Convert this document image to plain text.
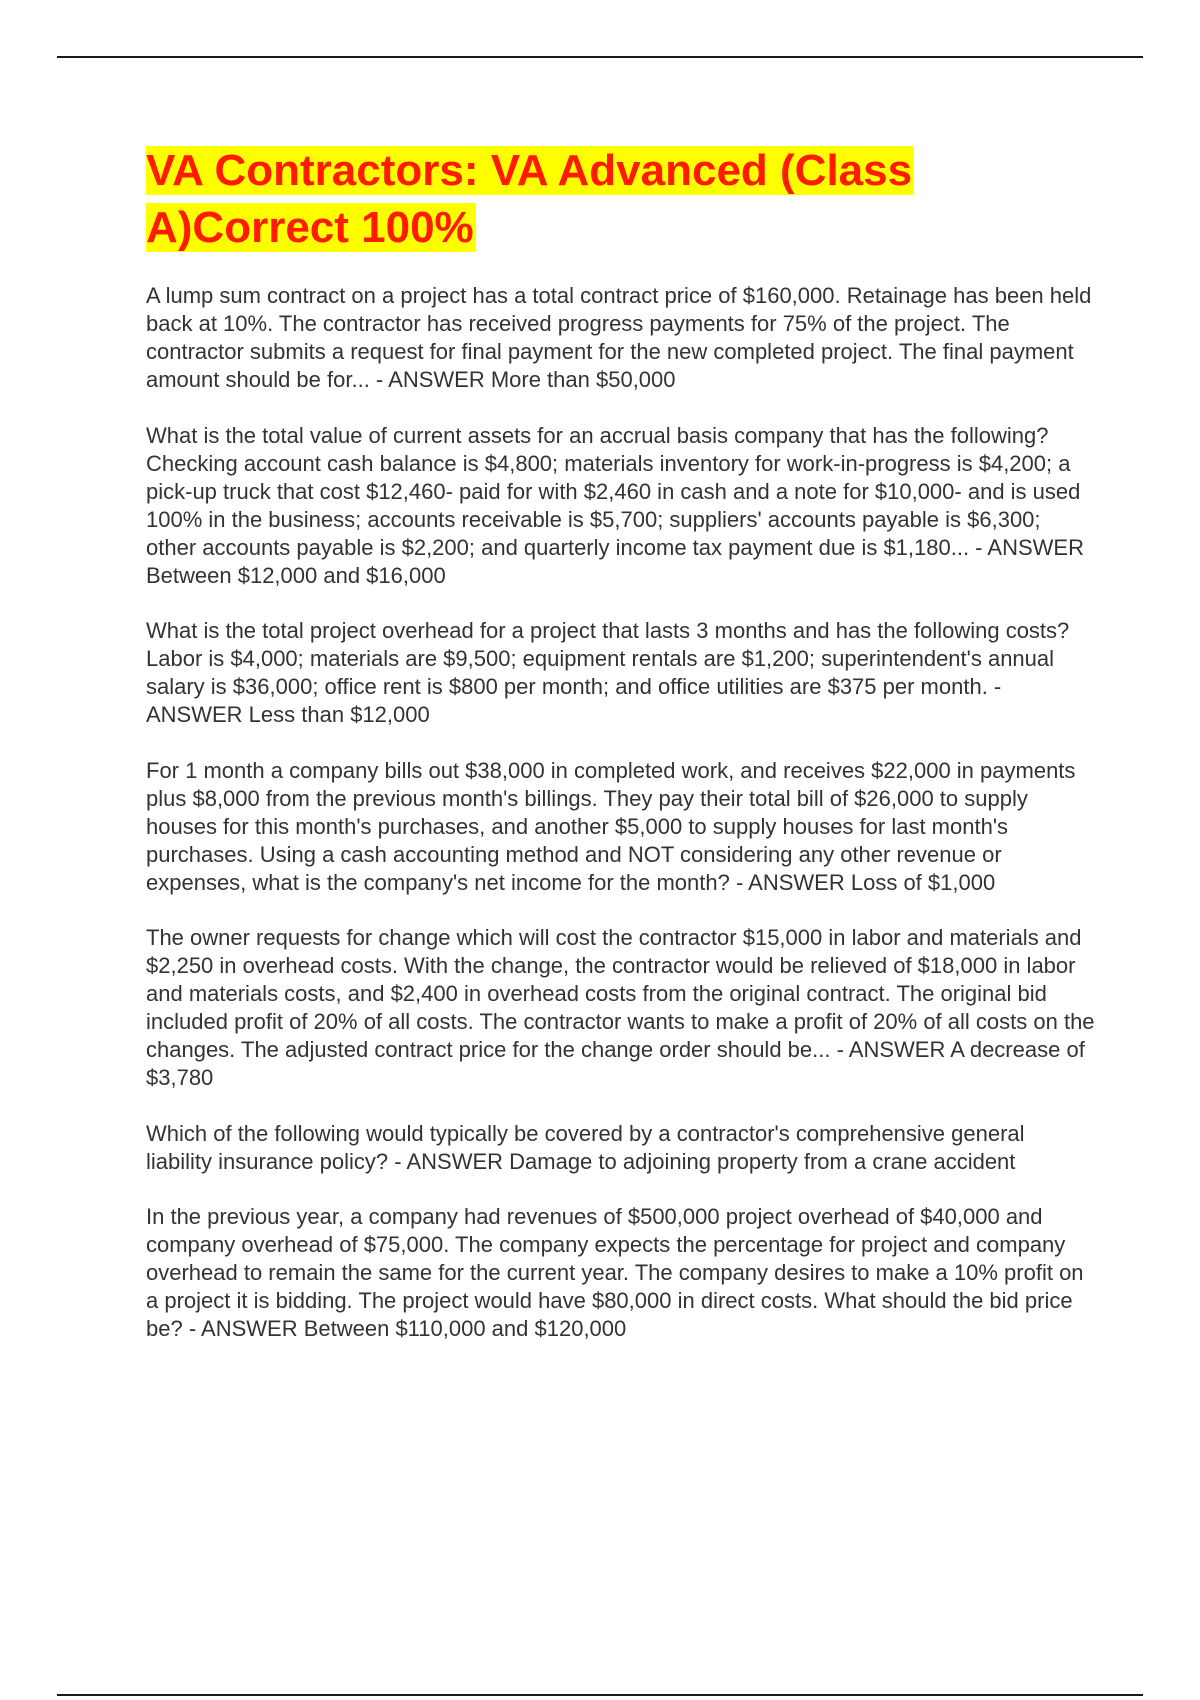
VA Contractors: VA Advanced (Class A)Correct 100%

A lump sum contract on a project has a total contract price of $160,000. Retainage has been held back at 10%. The contractor has received progress payments for 75% of the project. The contractor submits a request for final payment for the new completed project. The final payment amount should be for... - ANSWER More than $50,000

What is the total value of current assets for an accrual basis company that has the following? Checking account cash balance is $4,800; materials inventory for work-in-progress is $4,200; a pick-up truck that cost $12,460- paid for with $2,460 in cash and a note for $10,000- and is used 100% in the business; accounts receivable is $5,700; suppliers' accounts payable is $6,300; other accounts payable is $2,200; and quarterly income tax payment due is $1,180... - ANSWER Between $12,000 and $16,000

What is the total project overhead for a project that lasts 3 months and has the following costs? Labor is $4,000; materials are $9,500; equipment rentals are $1,200; superintendent's annual salary is $36,000; office rent is $800 per month; and office utilities are $375 per month. - ANSWER Less than $12,000

For 1 month a company bills out $38,000 in completed work, and receives $22,000 in payments plus $8,000 from the previous month's billings. They pay their total bill of $26,000 to supply houses for this month's purchases, and another $5,000 to supply houses for last month's purchases. Using a cash accounting method and NOT considering any other revenue or expenses, what is the company's net income for the month? - ANSWER Loss of $1,000

The owner requests for change which will cost the contractor $15,000 in labor and materials and $2,250 in overhead costs. With the change, the contractor would be relieved of $18,000 in labor and materials costs, and $2,400 in overhead costs from the original contract. The original bid included profit of 20% of all costs. The contractor wants to make a profit of 20% of all costs on the changes. The adjusted contract price for the change order should be... - ANSWER A decrease of $3,780

Which of the following would typically be covered by a contractor's comprehensive general liability insurance policy? - ANSWER Damage to adjoining property from a crane accident

In the previous year, a company had revenues of $500,000 project overhead of $40,000 and company overhead of $75,000. The company expects the percentage for project and company overhead to remain the same for the current year. The company desires to make a 10% profit on a project it is bidding. The project would have $80,000 in direct costs. What should the bid price be? - ANSWER Between $110,000 and $120,000
